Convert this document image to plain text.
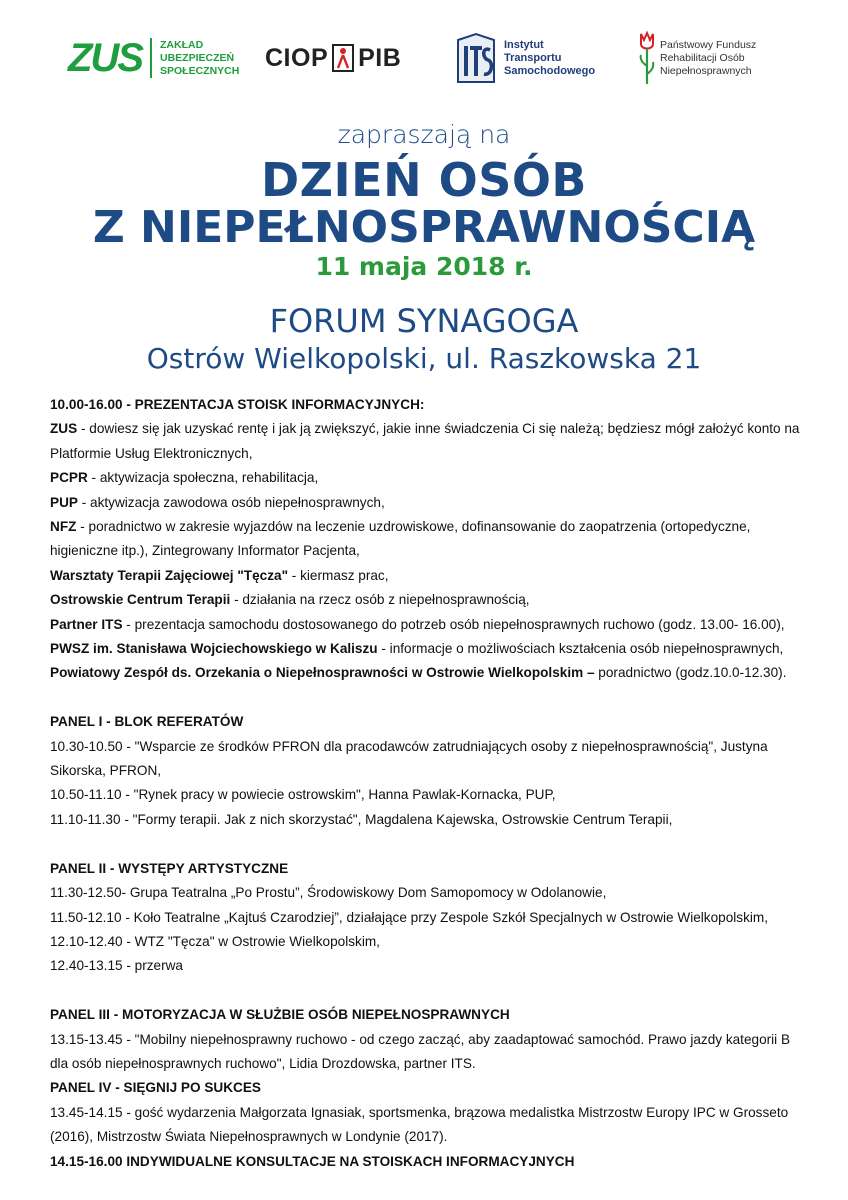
ZUS ZAKŁAD
UBEZPIECZEŃ
SPOŁECZNYCH CIOP PIB	Instytut
Transportu
Samochodowego
Państwowy Fundusz
Rehabilitacji Osób
Niepełnosprawnych
zapraszają na
DZIEŃ OSÓB
Z NIEPEŁNOSPRAWNOŚCIĄ
11 maja 2018 r.
FORUM SYNAGOGA
Ostrów Wielkopolski, ul. Raszkowska 21

10.00-16.00 - PREZENTACJA STOISK INFORMACYJNYCH:

ZUS - dowiesz się jak uzyskać rentę i jak ją zwiększyć, jakie inne świadczenia Ci się należą; będziesz mógł założyć konto na Platformie Usług Elektronicznych,

PCPR - aktywizacja społeczna, rehabilitacja,

PUP - aktywizacja zawodowa osób niepełnosprawnych,

NFZ - poradnictwo w zakresie wyjazdów na leczenie uzdrowiskowe, dofinansowanie do zaopatrzenia (ortopedyczne, higieniczne itp.), Zintegrowany Informator Pacjenta,

Warsztaty Terapii Zajęciowej "Tęcza" - kiermasz prac,

Ostrowskie Centrum Terapii - działania na rzecz osób z niepełnosprawnością,

Partner ITS - prezentacja samochodu dostosowanego do potrzeb osób niepełnosprawnych ruchowo (godz. 13.00- 16.00),

PWSZ im. Stanisława Wojciechowskiego w Kaliszu - informacje o możliwościach kształcenia osób niepełnosprawnych,

Powiatowy Zespół ds. Orzekania o Niepełnosprawności w Ostrowie Wielkopolskim – poradnictwo (godz.10.0-12.30).

PANEL I - BLOK REFERATÓW

10.30-10.50 - "Wsparcie ze środków PFRON dla pracodawców zatrudniających osoby z niepełnosprawnością", Justyna Sikorska, PFRON,

10.50-11.10 - "Rynek pracy w powiecie ostrowskim", Hanna Pawlak-Kornacka, PUP,

11.10-11.30 - "Formy terapii. Jak z nich skorzystać", Magdalena Kajewska, Ostrowskie Centrum Terapii,

PANEL II - WYSTĘPY ARTYSTYCZNE

11.30-12.50- Grupa Teatralna „Po Prostu”, Środowiskowy Dom Samopomocy w Odolanowie,

11.50-12.10 - Koło Teatralne „Kajtuś Czarodziej”, działające przy Zespole Szkół Specjalnych w Ostrowie Wielkopolskim,

12.10-12.40 - WTZ "Tęcza" w Ostrowie Wielkopolskim,

12.40-13.15 - przerwa

PANEL III - MOTORYZACJA W SŁUŻBIE OSÓB NIEPEŁNOSPRAWNYCH

13.15-13.45 - "Mobilny niepełnosprawny ruchowo - od czego zacząć, aby zaadaptować samochód. Prawo jazdy kategorii B dla osób niepełnosprawnych ruchowo", Lidia Drozdowska, partner ITS.

PANEL IV - SIĘGNIJ PO SUKCES

13.45-14.15 - gość wydarzenia Małgorzata Ignasiak, sportsmenka, brązowa medalistka Mistrzostw Europy IPC w Grosseto (2016), Mistrzostw Świata Niepełnosprawnych w Londynie (2017).

14.15-16.00 INDYWIDUALNE KONSULTACJE NA STOISKACH INFORMACYJNYCH
